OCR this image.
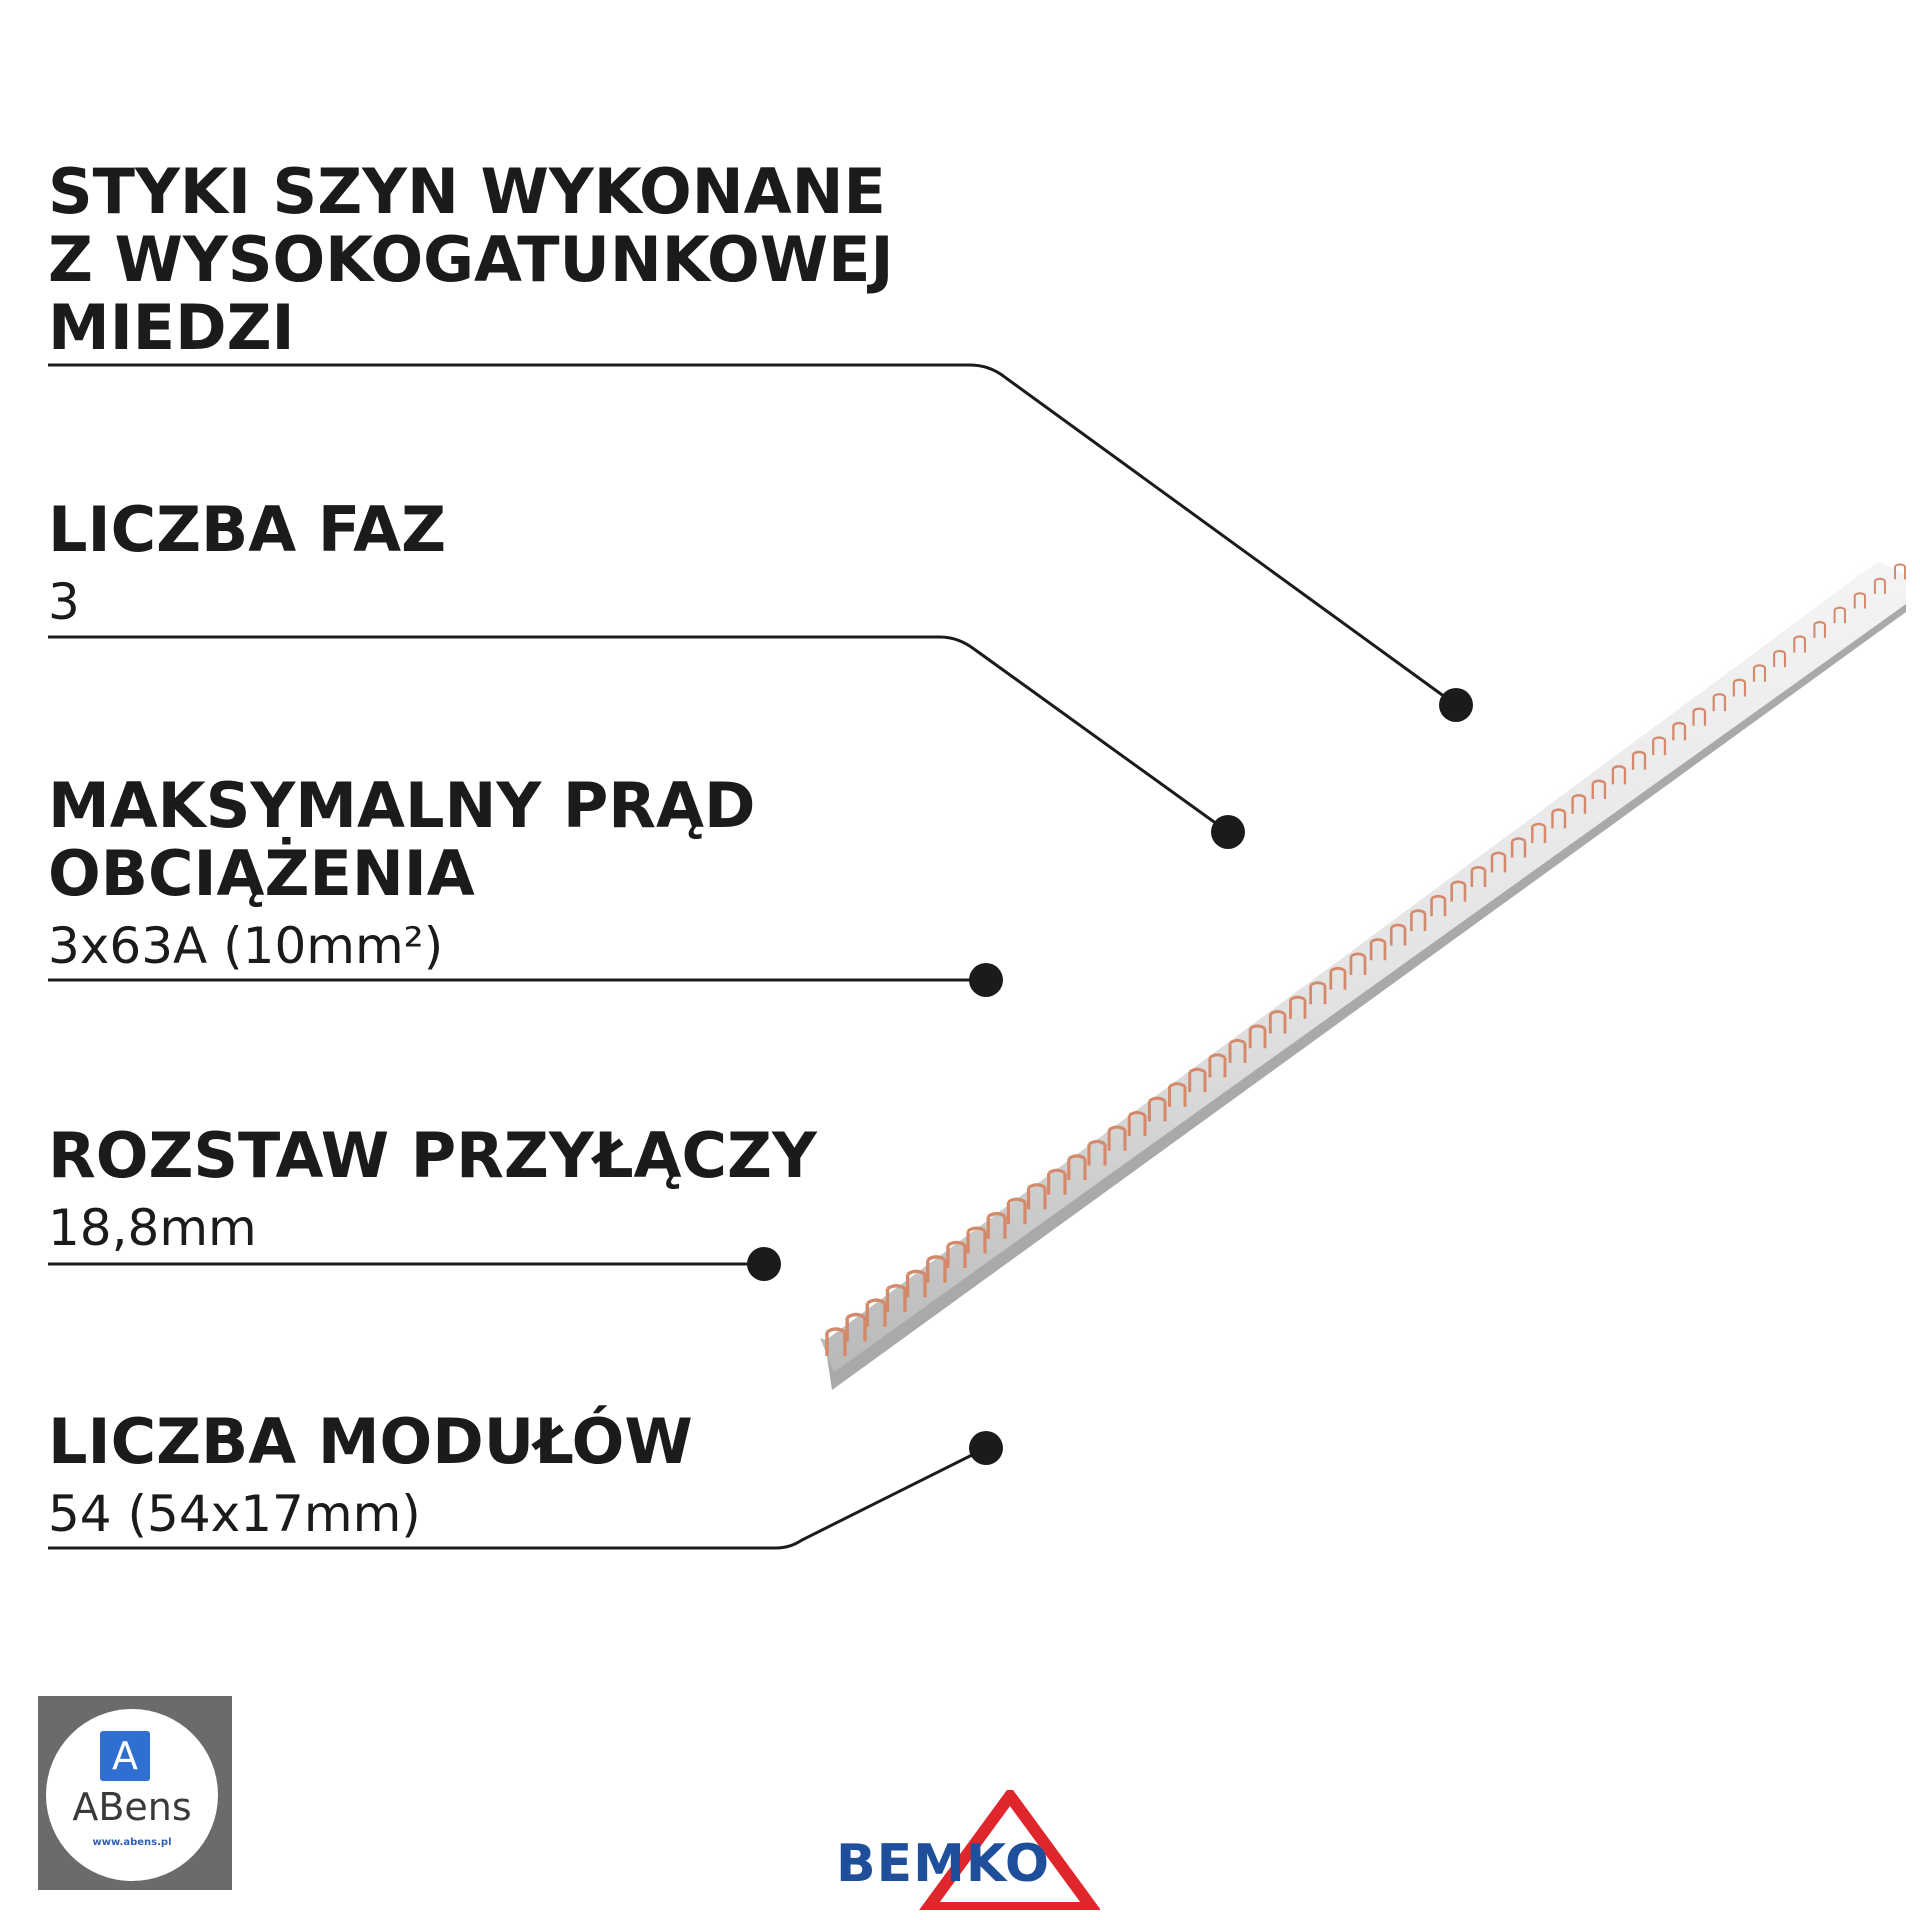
STYKI SZYN WYKONANE
Z WYSOKOGATUNKOWEJ
MIEDZI
LICZBA FAZ
3
MAKSYMALNY PRĄD
OBCIĄŻENIA
3x63A (10mm²)
ROZSTAW PRZYŁĄCZY
18,8mm
LICZBA MODUŁÓW
54 (54x17mm)
A
ABens
www.abens.pl	BEMKO
